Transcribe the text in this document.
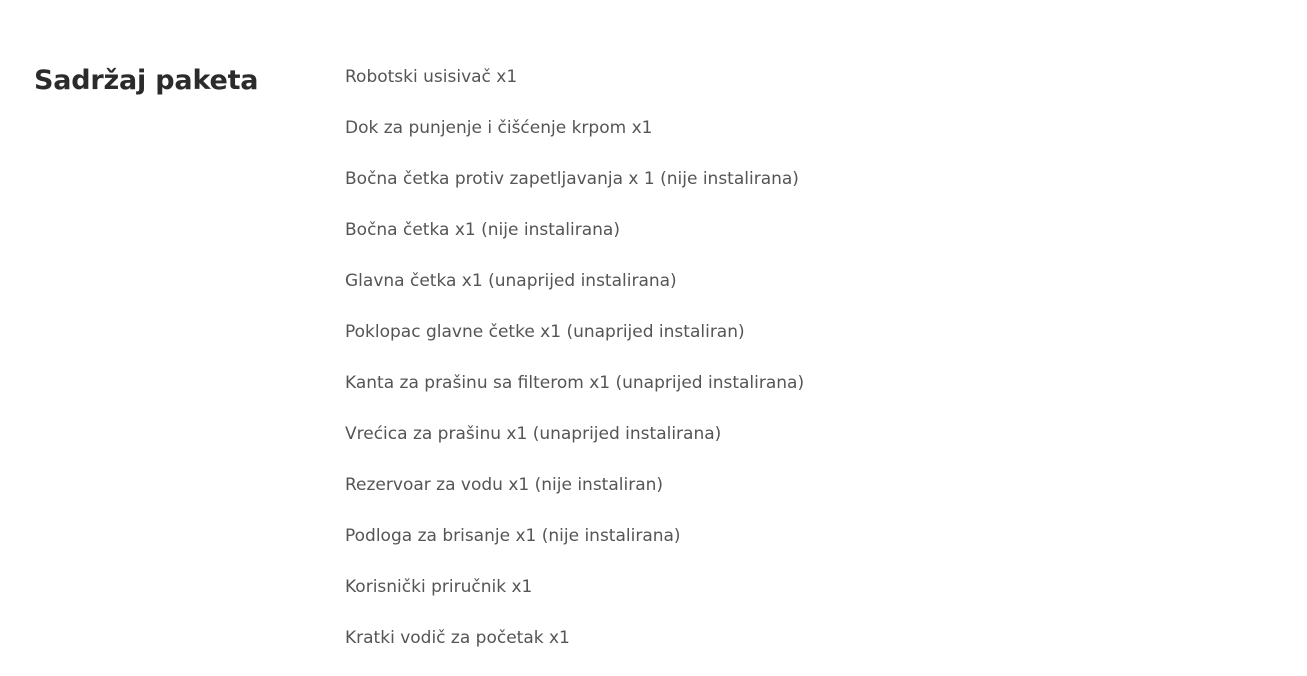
Sadržaj paketa	Robotski usisivač x1
Dok za punjenje i čišćenje krpom x1
Bočna četka protiv zapetljavanja x 1 (nije instalirana)
Bočna četka x1 (nije instalirana)
Glavna četka x1 (unaprijed instalirana)
Poklopac glavne četke x1 (unaprijed instaliran)
Kanta za prašinu sa filterom x1 (unaprijed instalirana)
Vrećica za prašinu x1 (unaprijed instalirana)
Rezervoar za vodu x1 (nije instaliran)
Podloga za brisanje x1 (nije instalirana)
Korisnički priručnik x1
Kratki vodič za početak x1
